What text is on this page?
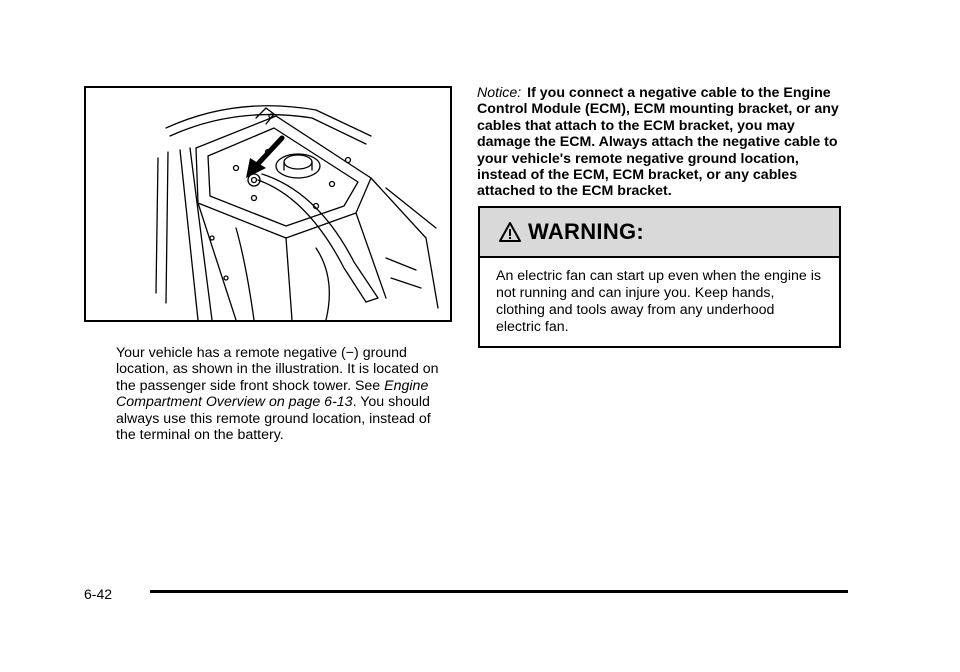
Your vehicle has a remote negative (−) ground location, as shown in the illustration. It is located on the passenger side front shock tower. See Engine Compartment Overview on page 6-13. You should always use this remote ground location, instead of the terminal on the battery.
Notice: If you connect a negative cable to the Engine Control Module (ECM), ECM mounting bracket, or any cables that attach to the ECM bracket, you may damage the ECM. Always attach the negative cable to your vehicle's remote negative ground location, instead of the ECM, ECM bracket, or any cables attached to the ECM bracket.
WARNING:
An electric fan can start up even when the engine is not running and can injure you. Keep hands, clothing and tools away from any underhood electric fan.
6-42
